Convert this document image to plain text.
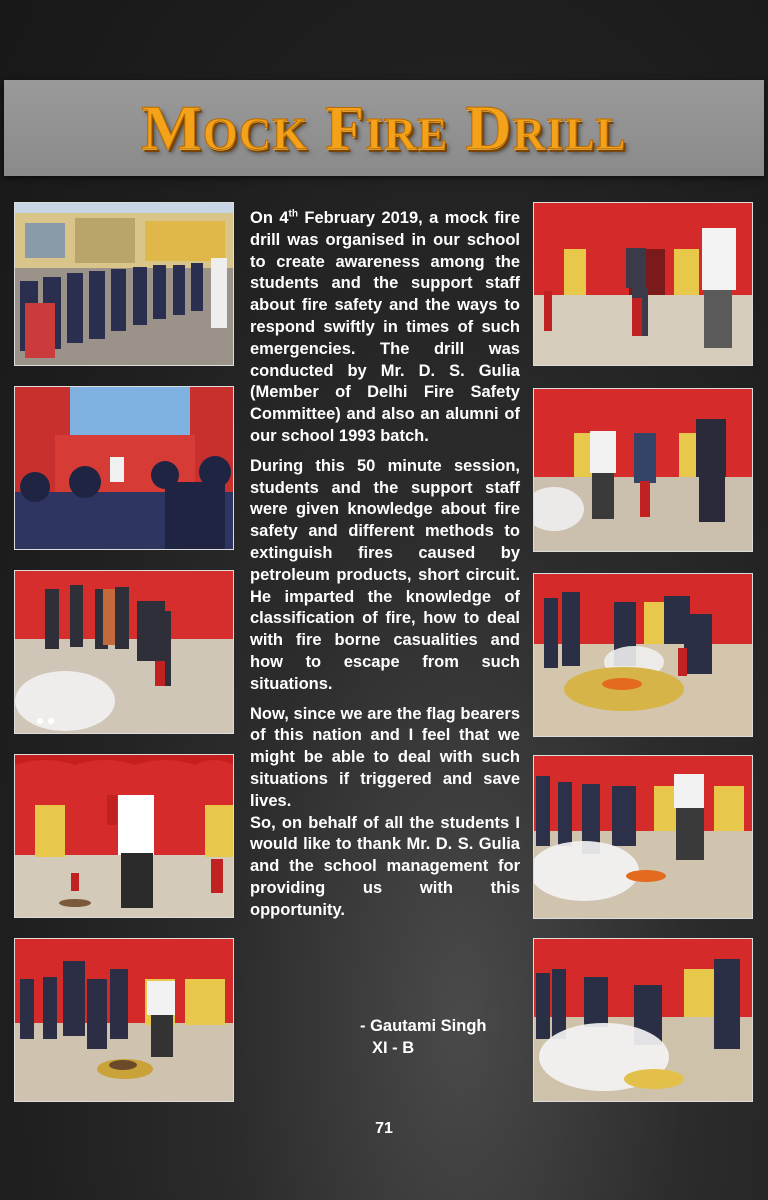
Mock Fire Drill

On 4th February 2019, a mock fire drill was organised in our school to create awareness among the students and the support staff about fire safety and the ways to respond swiftly in times of such emergencies. The drill was conducted by Mr. D. S. Gulia (Member of Delhi Fire Safety Committee) and also an alumni of our school 1993 batch.

During this 50 minute session, students and the support staff were given knowledge about fire safety and different methods to extinguish fires caused by petroleum products, short circuit. He imparted the knowledge of classification of fire, how to deal with fire borne casualities and how to escape from such situations.

Now, since we are the flag bearers of this nation and I feel that we might be able to deal with such situations if triggered and save lives.

So, on behalf of all the students I would like to thank Mr. D. S. Gulia and the school management for providing us with this opportunity.

- Gautami Singh
XI - B
71
